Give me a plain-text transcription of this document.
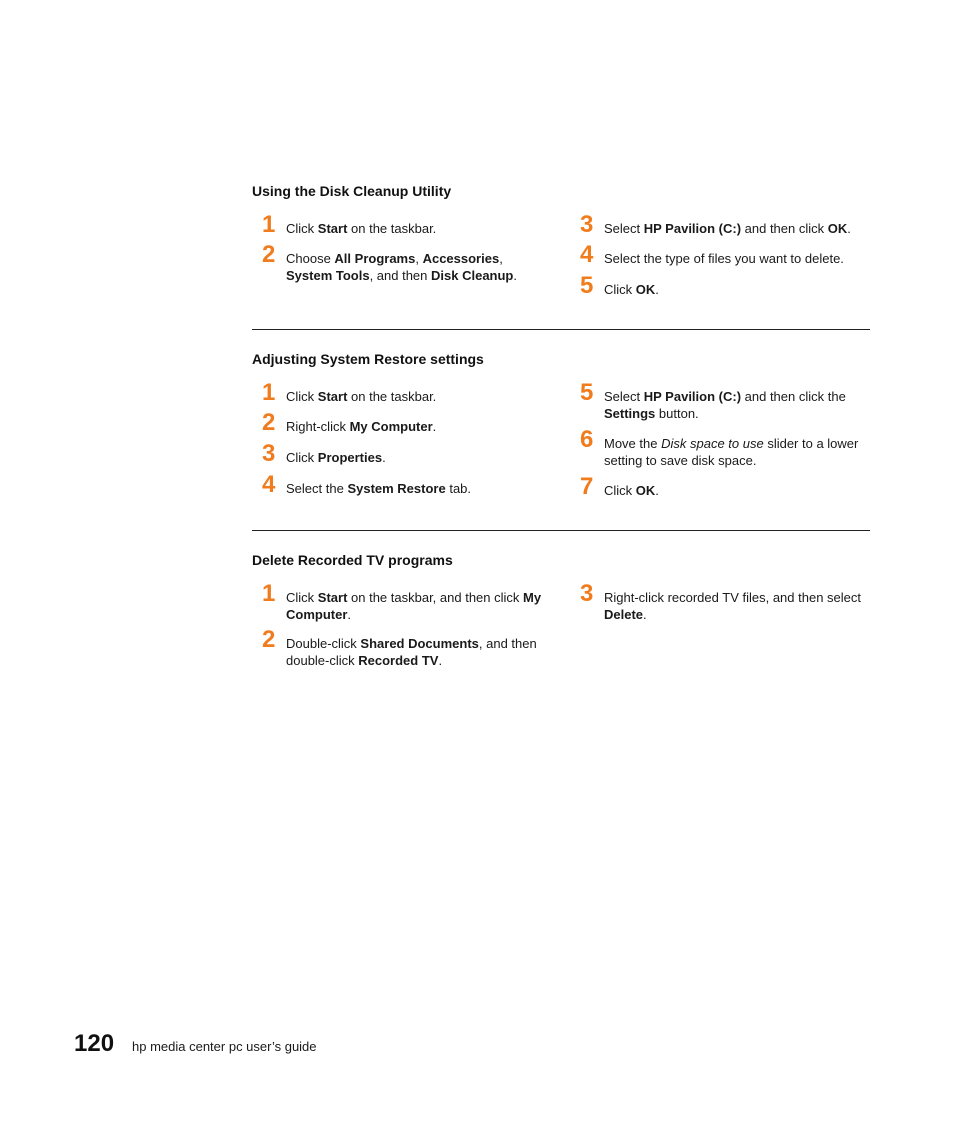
Using the Disk Cleanup Utility
1 Click Start on the taskbar.
2 Choose All Programs, Accessories, System Tools, and then Disk Cleanup.
3 Select HP Pavilion (C:) and then click OK.
4 Select the type of files you want to delete.
5 Click OK.
Adjusting System Restore settings
1 Click Start on the taskbar.
2 Right-click My Computer.
3 Click Properties.
4 Select the System Restore tab.
5 Select HP Pavilion (C:) and then click the Settings button.
6 Move the Disk space to use slider to a lower setting to save disk space.
7 Click OK.
Delete Recorded TV programs
1 Click Start on the taskbar, and then click My Computer.
2 Double-click Shared Documents, and then double-click Recorded TV.
3 Right-click recorded TV files, and then select Delete.
120 hp media center pc user’s guide
